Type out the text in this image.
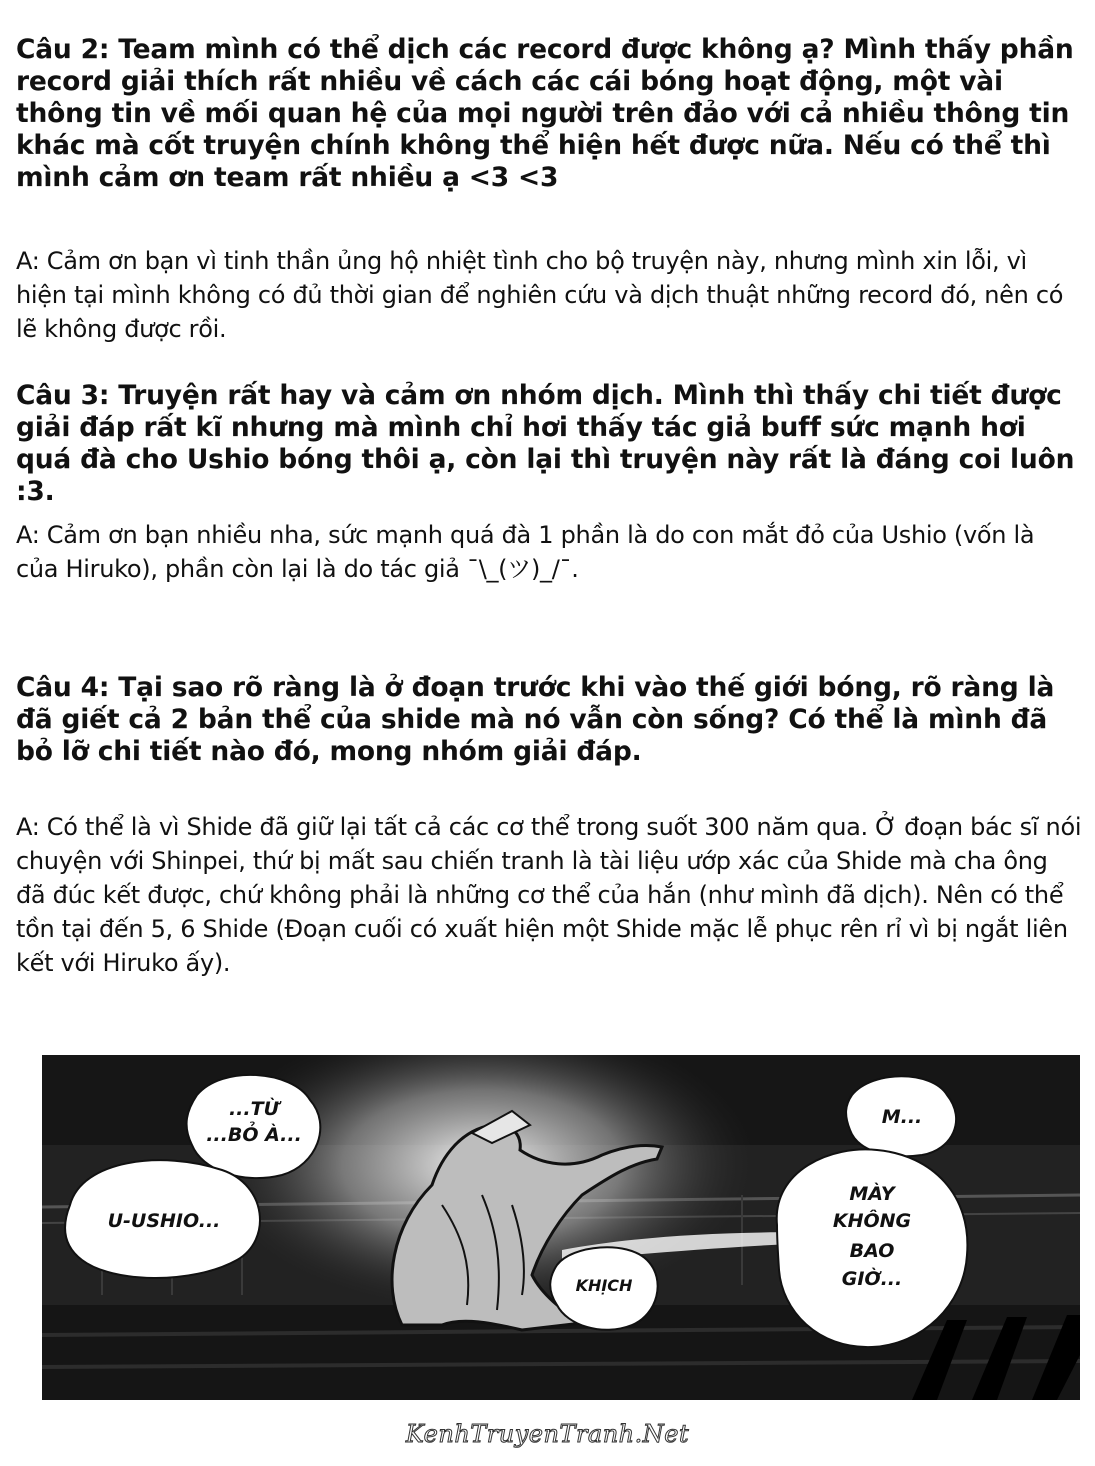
Câu 2: Team mình có thể dịch các record được không ạ? Mình thấy phần record giải thích rất nhiều về cách các cái bóng hoạt động, một vài thông tin về mối quan hệ của mọi người trên đảo với cả nhiều thông tin khác mà cốt truyện chính không thể hiện hết được nữa. Nếu có thể thì mình cảm ơn team rất nhiều ạ <3 <3

A: Cảm ơn bạn vì tinh thần ủng hộ nhiệt tình cho bộ truyện này, nhưng mình xin lỗi, vì hiện tại mình không có đủ thời gian để nghiên cứu và dịch thuật những record đó, nên có lẽ không được rồi.

Câu 3: Truyện rất hay và cảm ơn nhóm dịch. Mình thì thấy chi tiết được giải đáp rất kĩ nhưng mà mình chỉ hơi thấy tác giả buff sức mạnh hơi quá đà cho Ushio bóng thôi ạ, còn lại thì truyện này rất là đáng coi luôn :3.

A: Cảm ơn bạn nhiều nha, sức mạnh quá đà 1 phần là do con mắt đỏ của Ushio (vốn là của Hiruko), phần còn lại là do tác giả ¯\_(ツ)_/¯.

Câu 4: Tại sao rõ ràng là ở đoạn trước khi vào thế giới bóng, rõ ràng là đã giết cả 2 bản thể của shide mà nó vẫn còn sống? Có thể là mình đã bỏ lỡ chi tiết nào đó, mong nhóm giải đáp.

A: Có thể là vì Shide đã giữ lại tất cả các cơ thể trong suốt 300 năm qua. Ở đoạn bác sĩ nói chuyện với Shinpei, thứ bị mất sau chiến tranh là tài liệu ướp xác của Shide mà cha ông đã đúc kết được, chứ không phải là những cơ thể của hắn (như mình đã dịch). Nên có thể tồn tại đến 5, 6 Shide (Đoạn cuối có xuất hiện một Shide mặc lễ phục rên rỉ vì bị ngắt liên kết với Hiruko ấy).

...TỪ
...BỎ À...
U-USHIO...
KHỊCH
M...
MÀY
KHÔNG
BAO
GIỜ...
KenhTruyenTranh.Net
